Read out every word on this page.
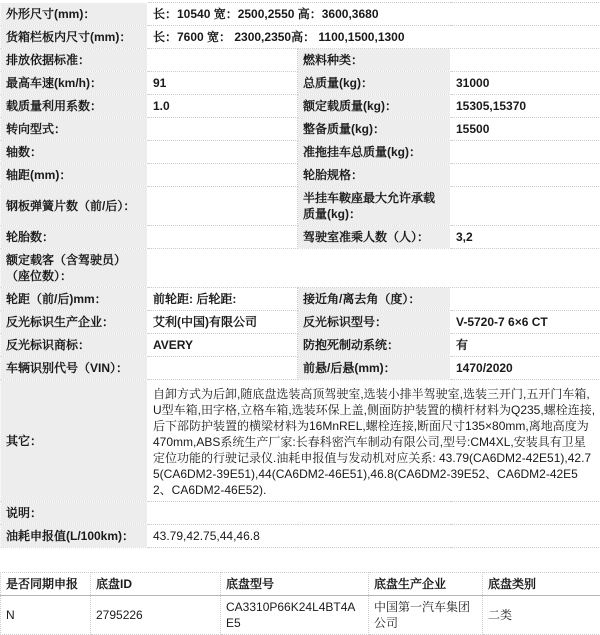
外形尺寸(mm)：	长：10540 宽：2500,2550 高：3600,3680		
货箱栏板内尺寸(mm)：	长：7600 宽： 2300,2350高： 1100,1500,1300		
排放依据标准：		燃料种类：	
最高车速(km/h)：	91	总质量(kg)：	31000
载质量利用系数：	1.0	额定载质量(kg)：	15305,15370
转向型式：		整备质量(kg)：	15500
轴数：		准拖挂车总质量(kg)：	
轴距(mm)：		轮胎规格：	
钢板弹簧片数（前/后）：		半挂车鞍座最大允许承载质量(kg)：	
轮胎数：		驾驶室准乘人数（人）：	3,2
额定载客（含驾驶员）（座位数）：			
轮距（前/后)mm：	前轮距: 后轮距:	接近角/离去角（度）：	
反光标识生产企业：	艾利(中国)有限公司	反光标识型号：	V-5720-7 6×6 CT
反光标识商标：	AVERY	防抱死制动系统：	有
车辆识别代号（VIN）：		前悬/后悬(mm)：	1470/2020
其它：	自卸方式为后卸,随底盘选装高顶驾驶室,选装小排半驾驶室,选装三开门,五开门车箱,U型车箱,田字格,立格车箱,选装环保上盖,侧面防护装置的横杆材料为Q235,螺栓连接,后下部防护装置的横梁材料为16MnREL,螺栓连接,断面尺寸135×80mm,离地高度为470mm,ABS系统生产厂家:长春科密汽车制动有限公司,型号:CM4XL,安装具有卫星定位功能的行驶记录仪.油耗申报值与发动机对应关系: 43.79(CA6DM2-42E51),42.75(CA6DM2-39E51),44(CA6DM2-46E51),46.8(CA6DM2-39E52、CA6DM2-42E52、CA6DM2-46E52).		
说明：			
油耗申报值(L/100km)：	43.79,42.75,44,46.8		
是否同期申报	底盘ID	底盘型号	底盘生产企业	底盘类别
N	2795226	CA3310P66K24L4BT4AE5	中国第一汽车集团公司	二类
